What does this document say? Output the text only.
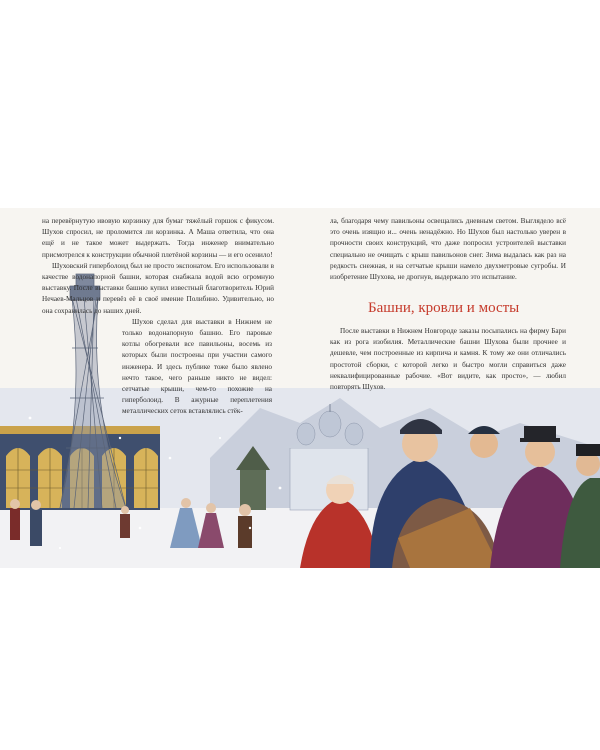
на перевёрнутую ивовую корзинку для бумаг тяжёлый горшок с фикусом. Шухов спросил, не проломится ли корзинка. А Маша ответила, что она ещё и не такое может выдержать. Тогда инженер внимательно присмотрелся к конструкции обычной плетёной корзины — и его осенило!

Шуховский гиперболоид был не просто экспонатом. Его использовали в качестве водонапорной башни, которая снабжала водой всю огромную выставку. После выставки башню купил известный благотворитель Юрий Нечаев-Мальцов и перевёз её в своё имение Полибино. Удивительно, но она сохранилась до наших дней.

Шухов сделал для выставки в Нижнем не только водонапорную башню. Его паровые котлы обогревали все павильоны, восемь из которых были построены при участии самого инженера. И здесь публике тоже было явлено нечто такое, чего раньше никто не видел: сетчатые крыши, чем-то похожие на гиперболоид. В ажурные переплетения металлических сеток вставлялись стёк-

ла, благодаря чему павильоны освещались дневным светом. Выглядело всё это очень изящно и... очень ненадёжно. Но Шухов был настолько уверен в прочности своих конструкций, что даже попросил устроителей выставки специально не очищать с крыш павильонов снег. Зима выдалась как раз на редкость снежная, и на сетчатые крыши намело двухметровые сугробы. И изобретение Шухова, не дрогнув, выдержало это испытание.

Башни, кровли и мосты

После выставки в Нижнем Новгороде заказы посыпались на фирму Бари как из рога изобилия. Металлические башни Шухова были прочнее и дешевле, чем построенные из кирпича и камня. К тому же они отличались простотой сборки, с которой легко и быстро могли справиться даже неквалифицированные рабочие. «Вот видите, как просто», — любил повторять Шухов.
